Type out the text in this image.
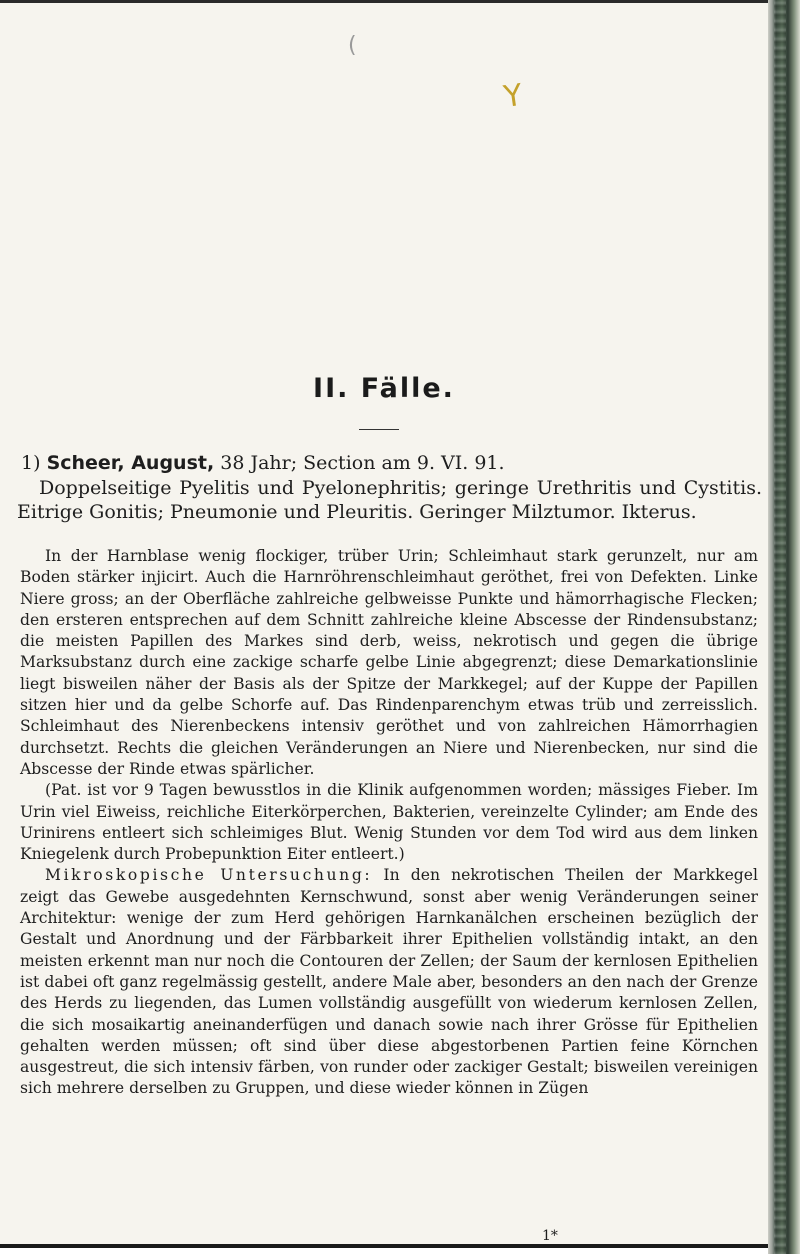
(
Y
II. Fälle.
1) Scheer, August, 38 Jahr; Section am 9. VI. 91.

Doppelseitige Pyelitis und Pyelonephritis; geringe Urethritis und Cystitis. Eitrige Gonitis; Pneumonie und Pleuritis. Geringer Milztumor. Ikterus.

In der Harnblase wenig flockiger, trüber Urin; Schleimhaut stark gerunzelt, nur am Boden stärker injicirt. Auch die Harnröhrenschleimhaut geröthet, frei von Defekten. Linke Niere gross; an der Oberfläche zahlreiche gelbweisse Punkte und hämorrhagische Flecken; den ersteren entsprechen auf dem Schnitt zahlreiche kleine Abscesse der Rindensubstanz; die meisten Papillen des Markes sind derb, weiss, nekrotisch und gegen die übrige Marksubstanz durch eine zackige scharfe gelbe Linie abgegrenzt; diese Demarkationslinie liegt bisweilen näher der Basis als der Spitze der Markkegel; auf der Kuppe der Papillen sitzen hier und da gelbe Schorfe auf. Das Rindenparenchym etwas trüb und zerreisslich. Schleimhaut des Nierenbeckens intensiv geröthet und von zahlreichen Hämorrhagien durchsetzt. Rechts die gleichen Veränderungen an Niere und Nierenbecken, nur sind die Abscesse der Rinde etwas spärlicher.

(Pat. ist vor 9 Tagen bewusstlos in die Klinik aufgenommen worden; mässiges Fieber. Im Urin viel Eiweiss, reichliche Eiterkörperchen, Bakterien, vereinzelte Cylinder; am Ende des Urinirens entleert sich schleimiges Blut. Wenig Stunden vor dem Tod wird aus dem linken Kniegelenk durch Probepunktion Eiter entleert.)

Mikroskopische Untersuchung: In den nekrotischen Theilen der Markkegel zeigt das Gewebe ausgedehnten Kernschwund, sonst aber wenig Veränderungen seiner Architektur: wenige der zum Herd gehörigen Harnkanälchen erscheinen bezüglich der Gestalt und Anordnung und der Färbbarkeit ihrer Epithelien vollständig intakt, an den meisten erkennt man nur noch die Contouren der Zellen; der Saum der kernlosen Epithelien ist dabei oft ganz regelmässig gestellt, andere Male aber, besonders an den nach der Grenze des Herds zu liegenden, das Lumen vollständig ausgefüllt von wiederum kernlosen Zellen, die sich mosaikartig aneinanderfügen und danach sowie nach ihrer Grösse für Epithelien gehalten werden müssen; oft sind über diese abgestorbenen Partien feine Körnchen ausgestreut, die sich intensiv färben, von runder oder zackiger Gestalt; bisweilen vereinigen sich mehrere derselben zu Gruppen, und diese wieder können in Zügen

1*
